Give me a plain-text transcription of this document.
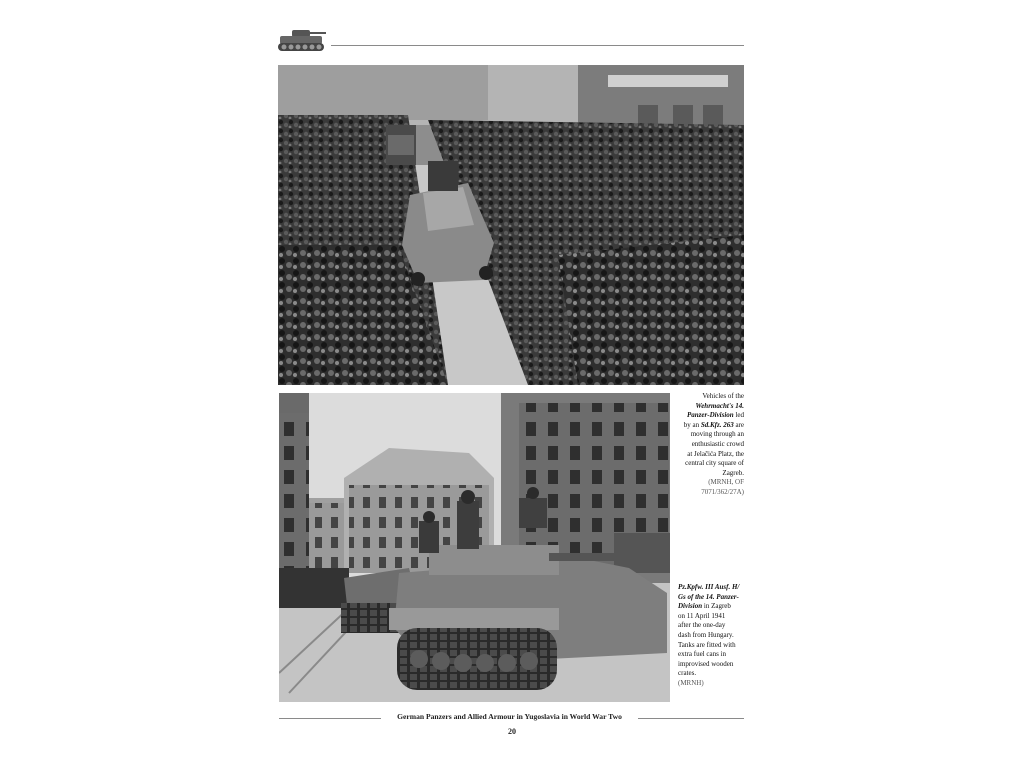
Vehicles of the
Wehrmacht's 14.
Panzer-Division led
by an Sd.Kfz. 263 are
moving through an
enthusiastic crowd
at Jelačića Platz, the
central city square of
Zagreb.
(MRNH, OF
7071/362/27A)
Pz.Kpfw. III Ausf. H/
Gs of the 14. Panzer-
Division in Zagreb
on 11 April 1941
after the one-day
dash from Hungary.
Tanks are fitted with
extra fuel cans in
improvised wooden
crates.
(MRNH)
German Panzers and Allied Armour in Yugoslavia in World War Two
20
